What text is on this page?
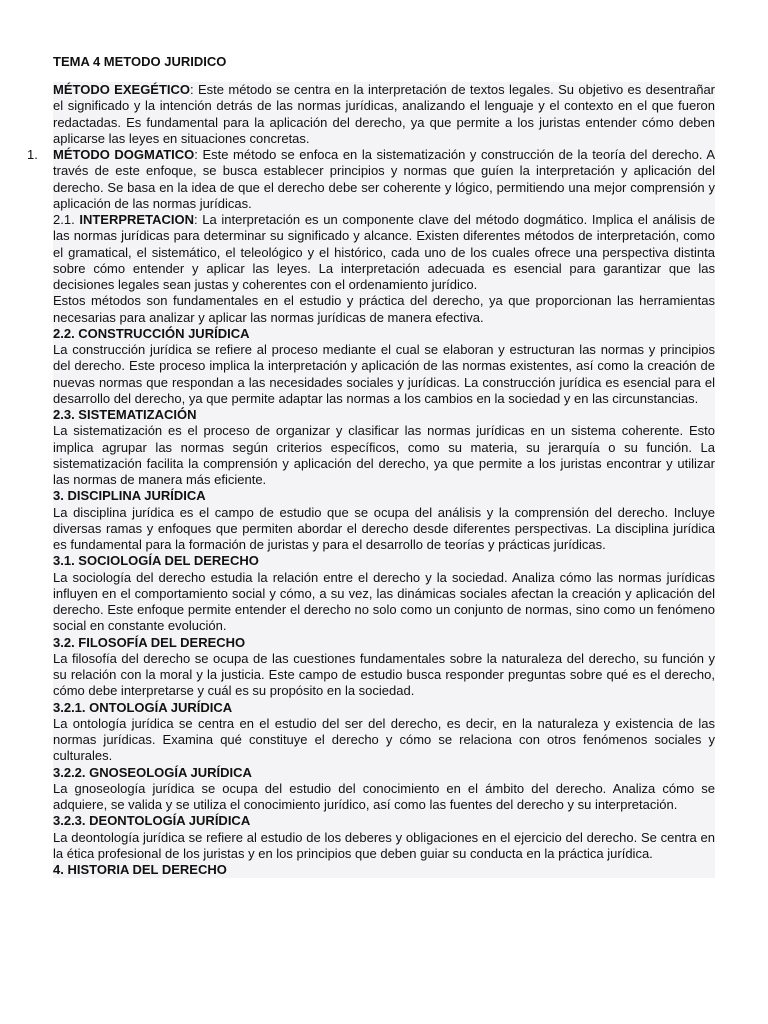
TEMA 4 METODO JURIDICO

MÉTODO EXEGÉTICO: Este método se centra en la interpretación de textos legales. Su objetivo es desentrañar el significado y la intención detrás de las normas jurídicas, analizando el lenguaje y el contexto en el que fueron redactadas. Es fundamental para la aplicación del derecho, ya que permite a los juristas entender cómo deben aplicarse las leyes en situaciones concretas.

1. MÉTODO DOGMATICO: Este método se enfoca en la sistematización y construcción de la teoría del derecho. A través de este enfoque, se busca establecer principios y normas que guíen la interpretación y aplicación del derecho. Se basa en la idea de que el derecho debe ser coherente y lógico, permitiendo una mejor comprensión y aplicación de las normas jurídicas.

2.1. INTERPRETACION: La interpretación es un componente clave del método dogmático. Implica el análisis de las normas jurídicas para determinar su significado y alcance. Existen diferentes métodos de interpretación, como el gramatical, el sistemático, el teleológico y el histórico, cada uno de los cuales ofrece una perspectiva distinta sobre cómo entender y aplicar las leyes. La interpretación adecuada es esencial para garantizar que las decisiones legales sean justas y coherentes con el ordenamiento jurídico.

Estos métodos son fundamentales en el estudio y práctica del derecho, ya que proporcionan las herramientas necesarias para analizar y aplicar las normas jurídicas de manera efectiva.

2.2. CONSTRUCCIÓN JURÍDICA

La construcción jurídica se refiere al proceso mediante el cual se elaboran y estructuran las normas y principios del derecho. Este proceso implica la interpretación y aplicación de las normas existentes, así como la creación de nuevas normas que respondan a las necesidades sociales y jurídicas. La construcción jurídica es esencial para el desarrollo del derecho, ya que permite adaptar las normas a los cambios en la sociedad y en las circunstancias.

2.3. SISTEMATIZACIÓN

La sistematización es el proceso de organizar y clasificar las normas jurídicas en un sistema coherente. Esto implica agrupar las normas según criterios específicos, como su materia, su jerarquía o su función. La sistematización facilita la comprensión y aplicación del derecho, ya que permite a los juristas encontrar y utilizar las normas de manera más eficiente.

3. DISCIPLINA JURÍDICA

La disciplina jurídica es el campo de estudio que se ocupa del análisis y la comprensión del derecho. Incluye diversas ramas y enfoques que permiten abordar el derecho desde diferentes perspectivas. La disciplina jurídica es fundamental para la formación de juristas y para el desarrollo de teorías y prácticas jurídicas.

3.1. SOCIOLOGÍA DEL DERECHO

La sociología del derecho estudia la relación entre el derecho y la sociedad. Analiza cómo las normas jurídicas influyen en el comportamiento social y cómo, a su vez, las dinámicas sociales afectan la creación y aplicación del derecho. Este enfoque permite entender el derecho no solo como un conjunto de normas, sino como un fenómeno social en constante evolución.

3.2. FILOSOFÍA DEL DERECHO

La filosofía del derecho se ocupa de las cuestiones fundamentales sobre la naturaleza del derecho, su función y su relación con la moral y la justicia. Este campo de estudio busca responder preguntas sobre qué es el derecho, cómo debe interpretarse y cuál es su propósito en la sociedad.

3.2.1. ONTOLOGÍA JURÍDICA

La ontología jurídica se centra en el estudio del ser del derecho, es decir, en la naturaleza y existencia de las normas jurídicas. Examina qué constituye el derecho y cómo se relaciona con otros fenómenos sociales y culturales.

3.2.2. GNOSEOLOGÍA JURÍDICA

La gnoseología jurídica se ocupa del estudio del conocimiento en el ámbito del derecho. Analiza cómo se adquiere, se valida y se utiliza el conocimiento jurídico, así como las fuentes del derecho y su interpretación.

3.2.3. DEONTOLOGÍA JURÍDICA

La deontología jurídica se refiere al estudio de los deberes y obligaciones en el ejercicio del derecho. Se centra en la ética profesional de los juristas y en los principios que deben guiar su conducta en la práctica jurídica.

4. HISTORIA DEL DERECHO
